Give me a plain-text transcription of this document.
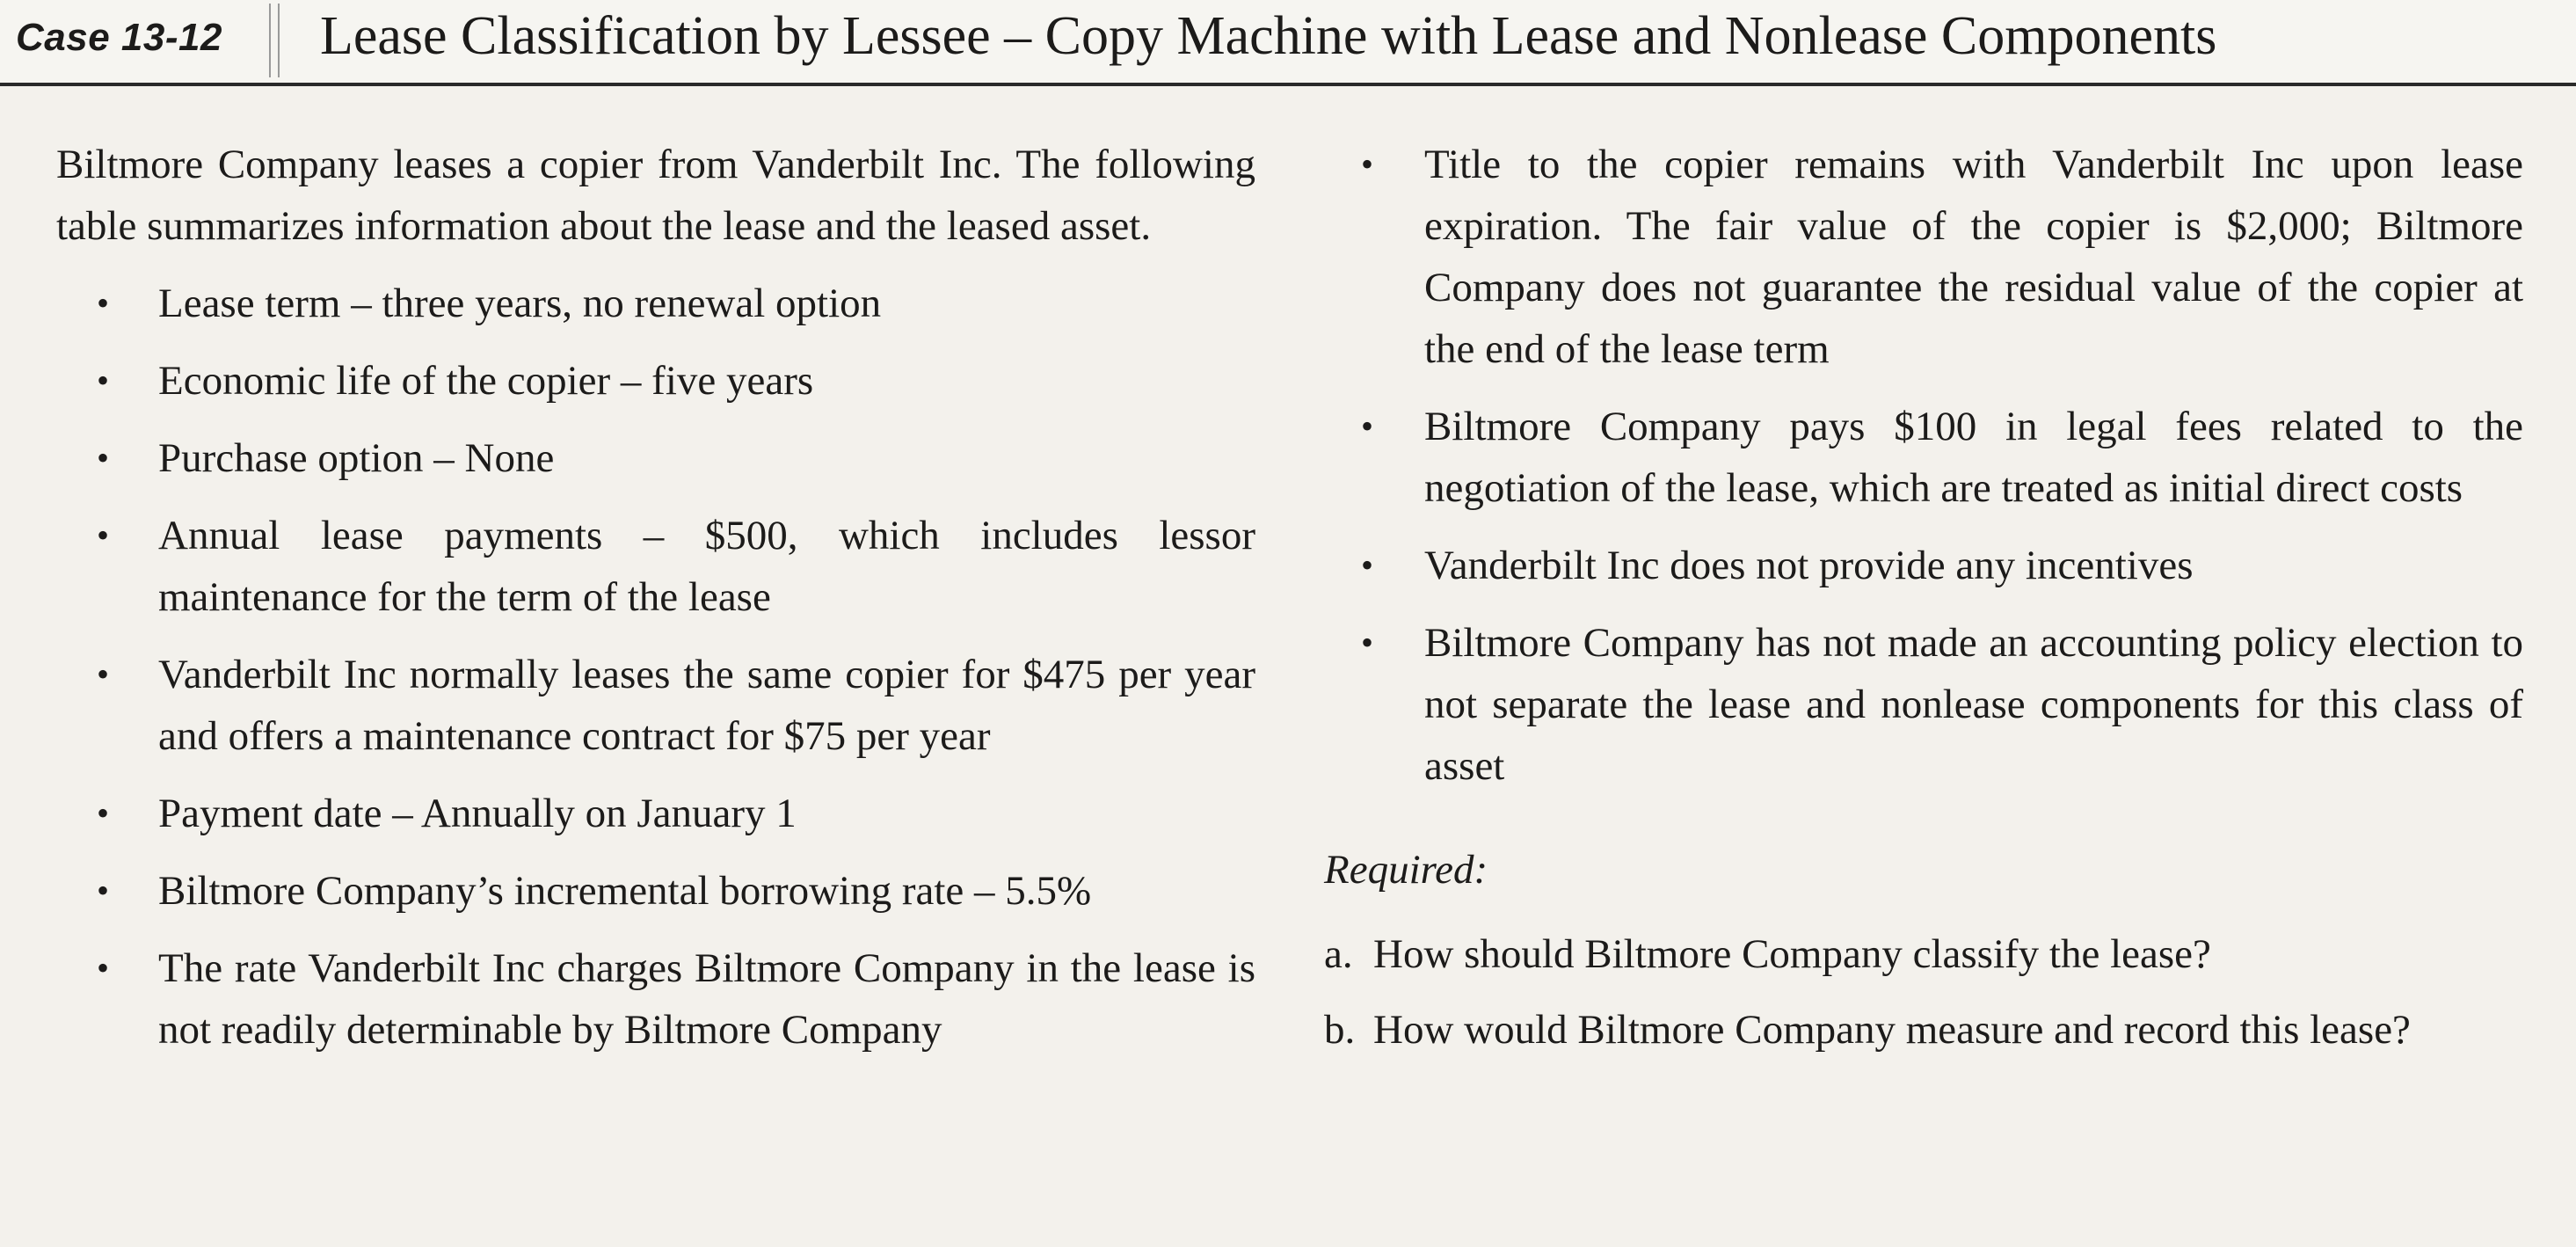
Case 13-12 Lease Classification by Lessee – Copy Machine with Lease and Nonlease Components

Biltmore Company leases a copier from Vanderbilt Inc. The following table summarizes information about the lease and the leased asset.

• Lease term – three years, no renewal option
• Economic life of the copier – five years
• Purchase option – None
• Annual lease payments – $500, which includes lessor maintenance for the term of the lease
• Vanderbilt Inc normally leases the same copier for $475 per year and offers a maintenance contract for $75 per year
• Payment date – Annually on January 1
• Biltmore Company’s incremental borrowing rate – 5.5%
• The rate Vanderbilt Inc charges Biltmore Company in the lease is not readily determinable by Biltmore Company
• Title to the copier remains with Vanderbilt Inc upon lease expiration. The fair value of the copier is $2,000; Biltmore Company does not guarantee the residual value of the copier at the end of the lease term
• Biltmore Company pays $100 in legal fees related to the negotiation of the lease, which are treated as initial direct costs
• Vanderbilt Inc does not provide any incentives
• Biltmore Company has not made an accounting policy election to not separate the lease and nonlease components for this class of asset

Required:

a. How should Biltmore Company classify the lease?
b. How would Biltmore Company measure and record this lease?
